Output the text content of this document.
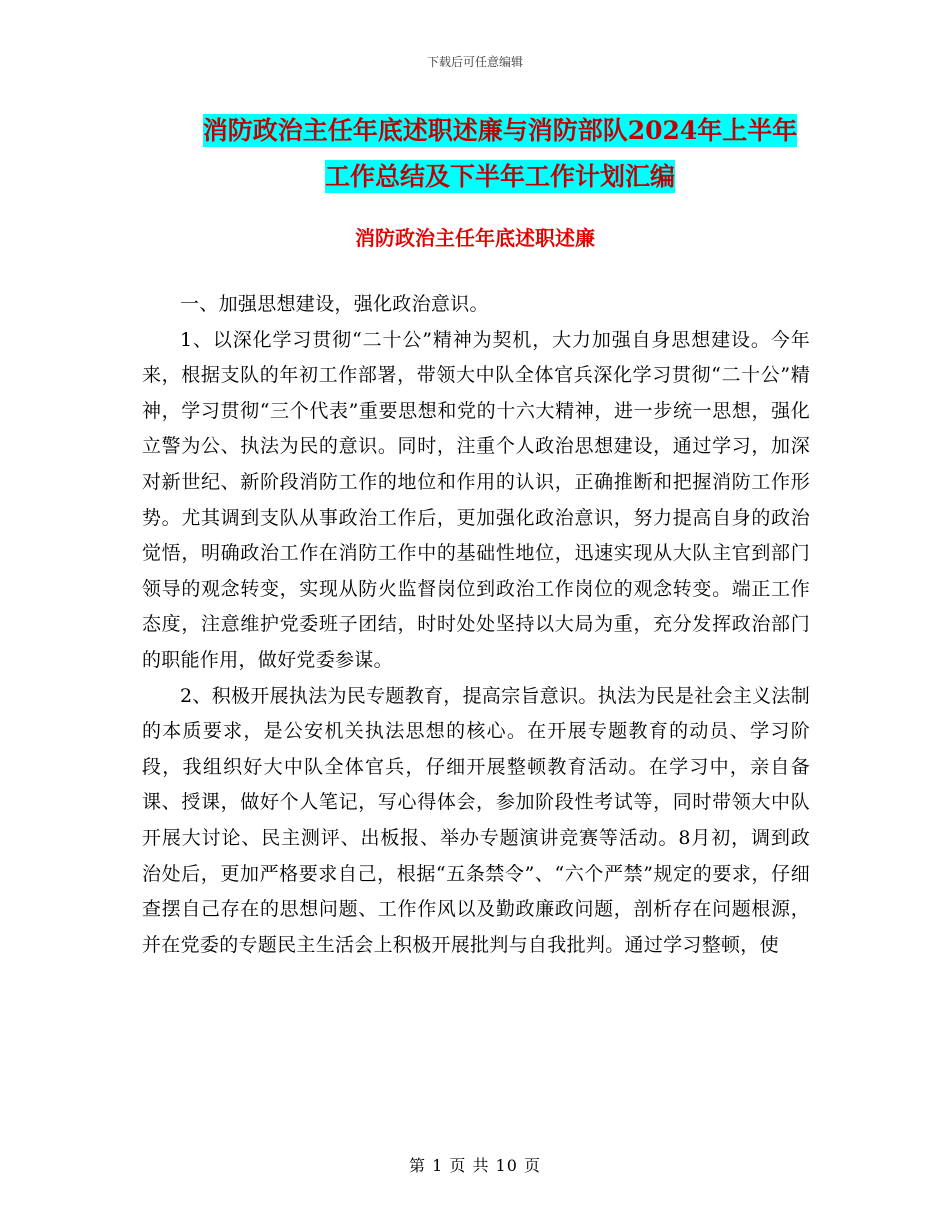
下载后可任意编辑
消防政治主任年底述职述廉与消防部队2024年上半年
工作总结及下半年工作计划汇编
消防政治主任年底述职述廉

一、加强思想建设，强化政治意识。

1、以深化学习贯彻“二十公”精神为契机，大力加强自身思想建设。今年来，根据支队的年初工作部署，带领大中队全体官兵深化学习贯彻“二十公”精神，学习贯彻“三个代表”重要思想和党的十六大精神，进一步统一思想，强化立警为公、执法为民的意识。同时，注重个人政治思想建设，通过学习，加深对新世纪、新阶段消防工作的地位和作用的认识，正确推断和把握消防工作形势。尤其调到支队从事政治工作后，更加强化政治意识，努力提高自身的政治觉悟，明确政治工作在消防工作中的基础性地位，迅速实现从大队主官到部门领导的观念转变，实现从防火监督岗位到政治工作岗位的观念转变。端正工作态度，注意维护党委班子团结，时时处处坚持以大局为重，充分发挥政治部门的职能作用，做好党委参谋。

2、积极开展执法为民专题教育，提高宗旨意识。执法为民是社会主义法制的本质要求，是公安机关执法思想的核心。在开展专题教育的动员、学习阶段，我组织好大中队全体官兵，仔细开展整顿教育活动。在学习中，亲自备课、授课，做好个人笔记，写心得体会，参加阶段性考试等，同时带领大中队开展大讨论、民主测评、出板报、举办专题演讲竞赛等活动。8月初，调到政治处后，更加严格要求自己，根据“五条禁令”、“六个严禁”规定的要求，仔细查摆自己存在的思想问题、工作作风以及勤政廉政问题，剖析存在问题根源，并在党委的专题民主生活会上积极开展批判与自我批判。通过学习整顿，使

第 1 页 共 10 页
